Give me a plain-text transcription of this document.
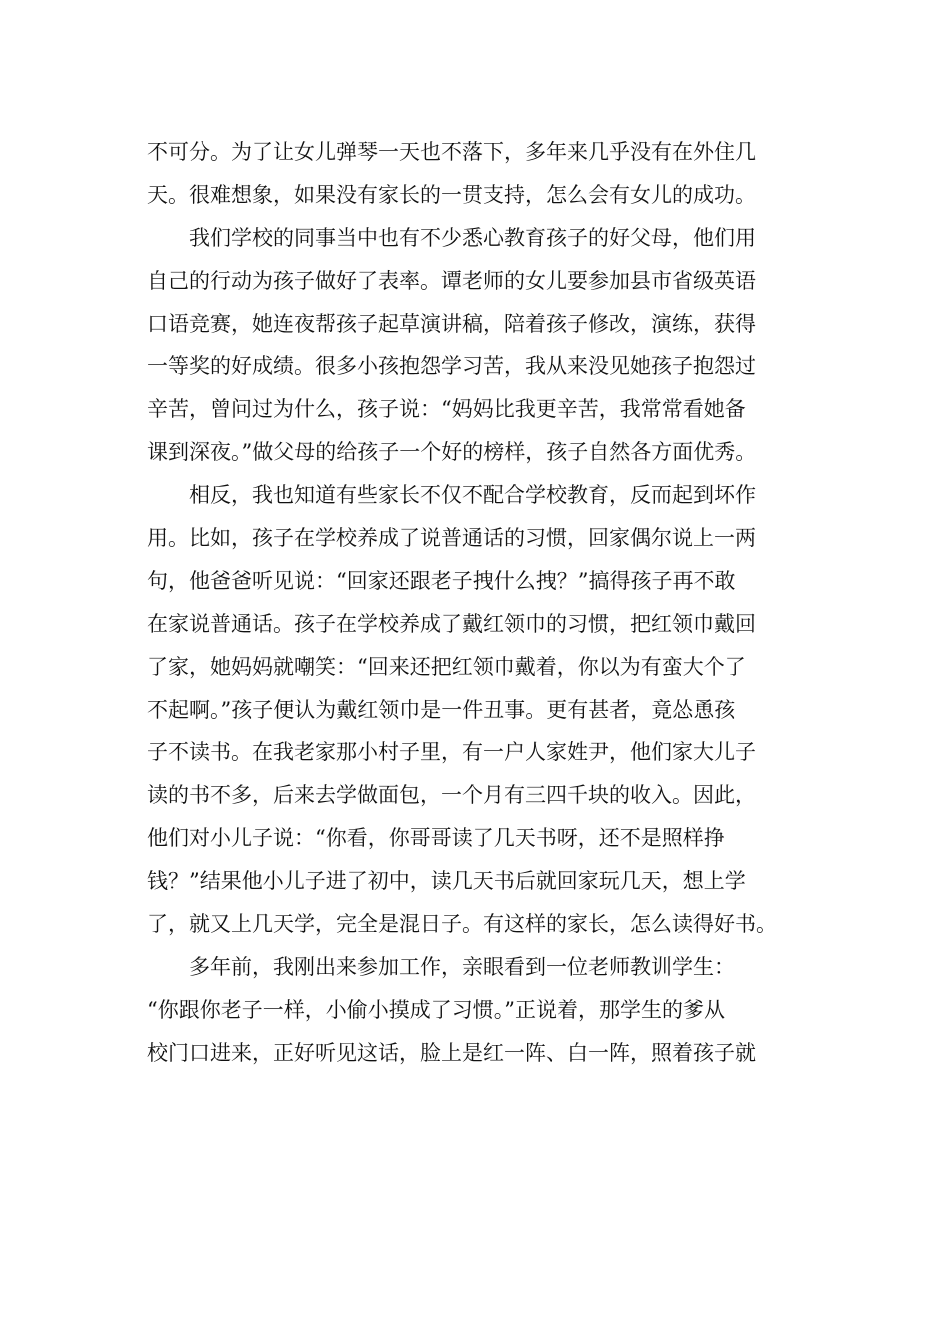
不可分。为了让女儿弹琴一天也不落下，多年来几乎没有在外住几
天。很难想象，如果没有家长的一贯支持，怎么会有女儿的成功。
　　我们学校的同事当中也有不少悉心教育孩子的好父母，他们用
自己的行动为孩子做好了表率。谭老师的女儿要参加县市省级英语
口语竞赛，她连夜帮孩子起草演讲稿，陪着孩子修改，演练，获得
一等奖的好成绩。很多小孩抱怨学习苦，我从来没见她孩子抱怨过
辛苦，曾问过为什么，孩子说：“妈妈比我更辛苦，我常常看她备
课到深夜。”做父母的给孩子一个好的榜样，孩子自然各方面优秀。
　　相反，我也知道有些家长不仅不配合学校教育，反而起到坏作
用。比如，孩子在学校养成了说普通话的习惯，回家偶尔说上一两
句，他爸爸听见说：“回家还跟老子拽什么拽？”搞得孩子再不敢
在家说普通话。孩子在学校养成了戴红领巾的习惯，把红领巾戴回
了家，她妈妈就嘲笑：“回来还把红领巾戴着，你以为有蛮大个了
不起啊。”孩子便认为戴红领巾是一件丑事。更有甚者，竟怂恿孩
子不读书。在我老家那小村子里，有一户人家姓尹，他们家大儿子
读的书不多，后来去学做面包，一个月有三四千块的收入。因此，
他们对小儿子说：“你看，你哥哥读了几天书呀，还不是照样挣
钱？”结果他小儿子进了初中，读几天书后就回家玩几天，想上学
了，就又上几天学，完全是混日子。有这样的家长，怎么读得好书。
　　多年前，我刚出来参加工作，亲眼看到一位老师教训学生：
“你跟你老子一样，小偷小摸成了习惯。”正说着，那学生的爹从
校门口进来，正好听见这话，脸上是红一阵、白一阵，照着孩子就
